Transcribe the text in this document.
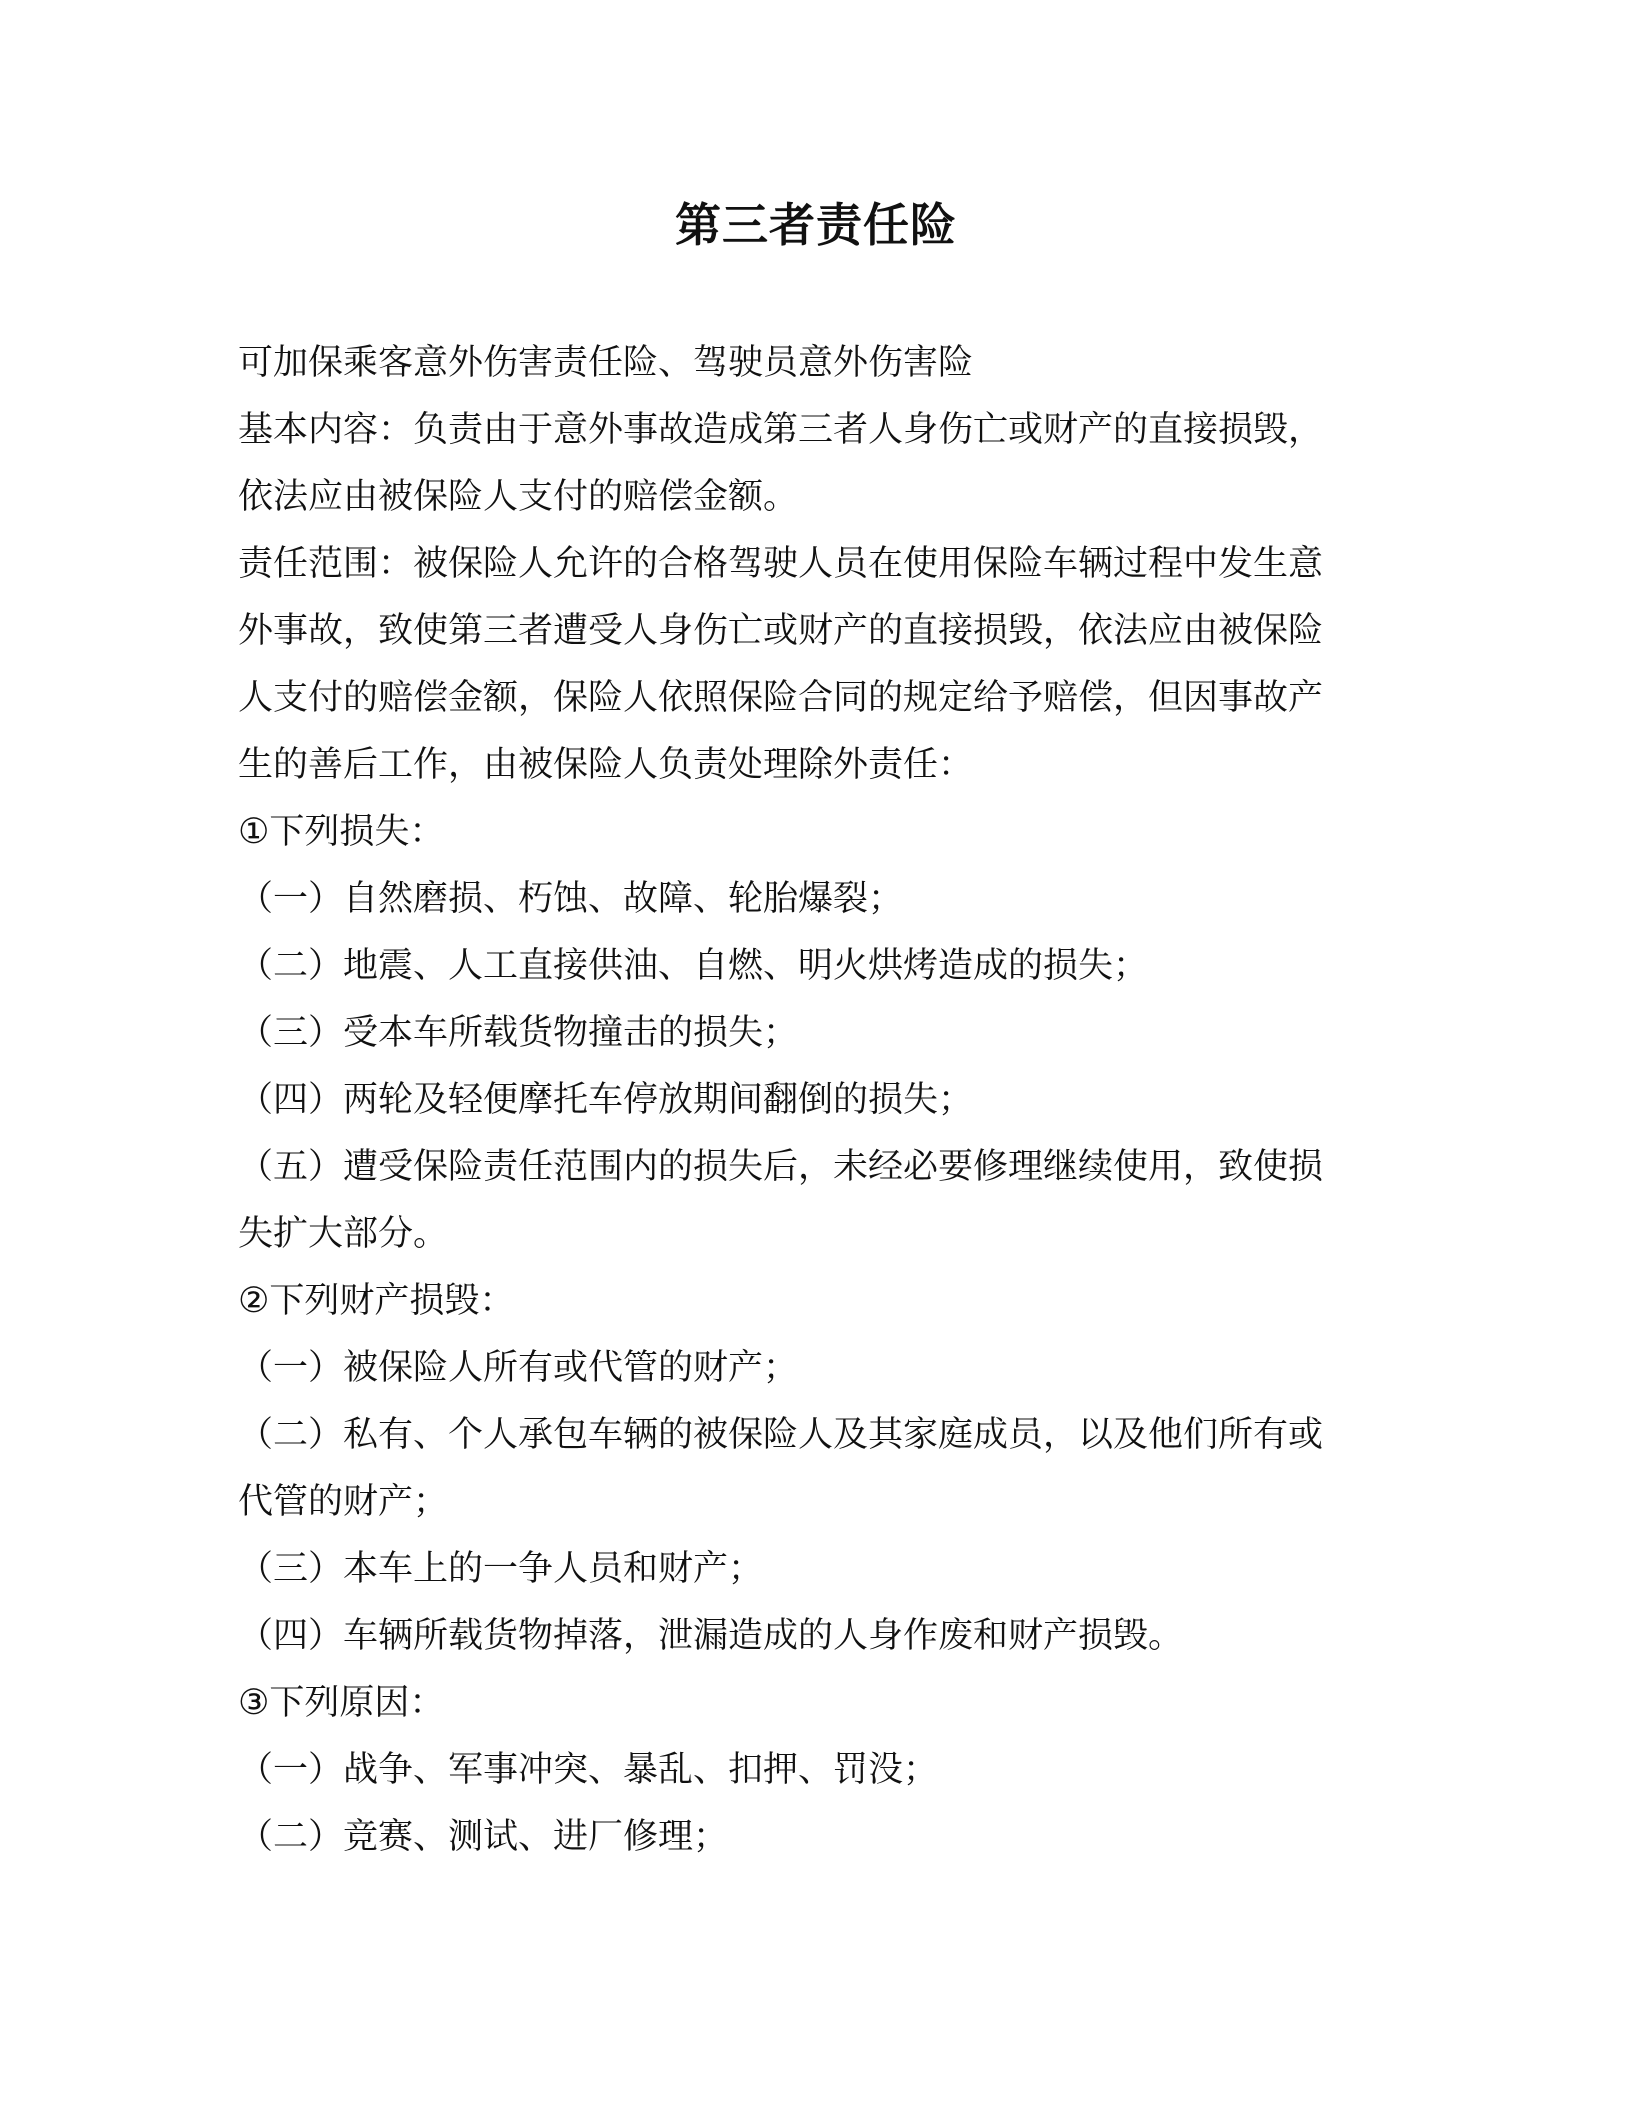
第三者责任险
可加保乘客意外伤害责任险、驾驶员意外伤害险
基本内容：负责由于意外事故造成第三者人身伤亡或财产的直接损毁，
依法应由被保险人支付的赔偿金额。
责任范围：被保险人允许的合格驾驶人员在使用保险车辆过程中发生意
外事故，致使第三者遭受人身伤亡或财产的直接损毁，依法应由被保险
人支付的赔偿金额，保险人依照保险合同的规定给予赔偿，但因事故产
生的善后工作，由被保险人负责处理除外责任：
①下列损失：
（一）自然磨损、朽蚀、故障、轮胎爆裂；
（二）地震、人工直接供油、自燃、明火烘烤造成的损失；
（三）受本车所载货物撞击的损失；
（四）两轮及轻便摩托车停放期间翻倒的损失；
（五）遭受保险责任范围内的损失后，未经必要修理继续使用，致使损
失扩大部分。
②下列财产损毁：
（一）被保险人所有或代管的财产；
（二）私有、个人承包车辆的被保险人及其家庭成员，以及他们所有或
代管的财产；
（三）本车上的一争人员和财产；
（四）车辆所载货物掉落，泄漏造成的人身作废和财产损毁。
③下列原因：
（一）战争、军事冲突、暴乱、扣押、罚没；
（二）竞赛、测试、进厂修理；
